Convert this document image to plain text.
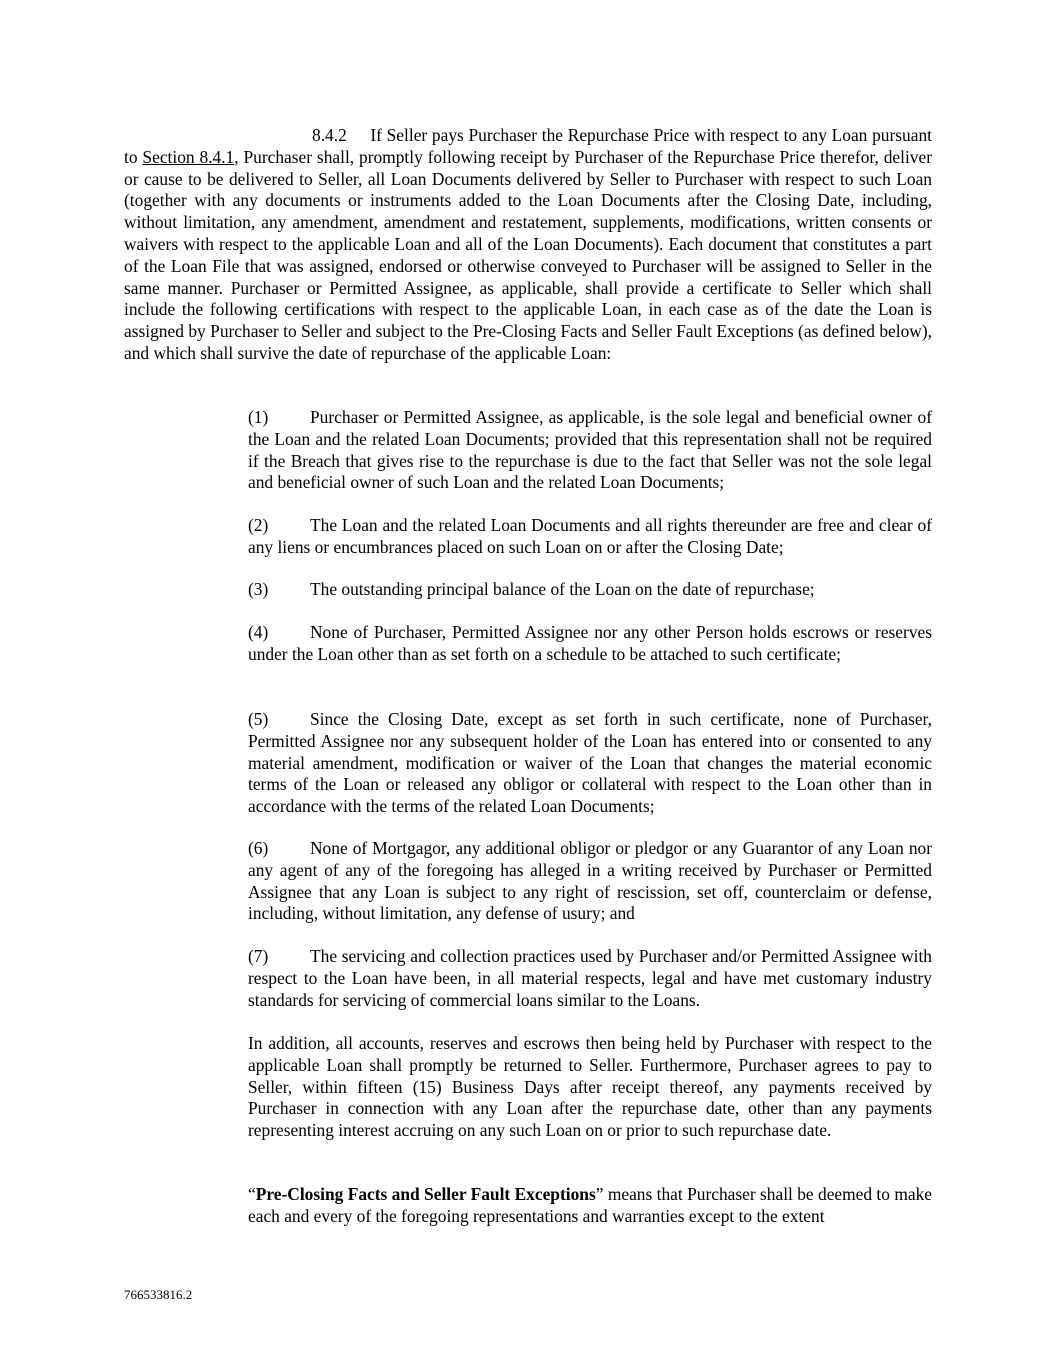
8.4.2 If Seller pays Purchaser the Repurchase Price with respect to any Loan pursuant to Section 8.4.1, Purchaser shall, promptly following receipt by Purchaser of the Repurchase Price therefor, deliver or cause to be delivered to Seller, all Loan Documents delivered by Seller to Purchaser with respect to such Loan (together with any documents or instruments added to the Loan Documents after the Closing Date, including, without limitation, any amendment, amendment and restatement, supplements, modifications, written consents or waivers with respect to the applicable Loan and all of the Loan Documents). Each document that constitutes a part of the Loan File that was assigned, endorsed or otherwise conveyed to Purchaser will be assigned to Seller in the same manner. Purchaser or Permitted Assignee, as applicable, shall provide a certificate to Seller which shall include the following certifications with respect to the applicable Loan, in each case as of the date the Loan is assigned by Purchaser to Seller and subject to the Pre-Closing Facts and Seller Fault Exceptions (as defined below), and which shall survive the date of repurchase of the applicable Loan:

(1) Purchaser or Permitted Assignee, as applicable, is the sole legal and beneficial owner of the Loan and the related Loan Documents; provided that this representation shall not be required if the Breach that gives rise to the repurchase is due to the fact that Seller was not the sole legal and beneficial owner of such Loan and the related Loan Documents;

(2) The Loan and the related Loan Documents and all rights thereunder are free and clear of any liens or encumbrances placed on such Loan on or after the Closing Date;

(3) The outstanding principal balance of the Loan on the date of repurchase;

(4) None of Purchaser, Permitted Assignee nor any other Person holds escrows or reserves under the Loan other than as set forth on a schedule to be attached to such certificate;

(5) Since the Closing Date, except as set forth in such certificate, none of Purchaser, Permitted Assignee nor any subsequent holder of the Loan has entered into or consented to any material amendment, modification or waiver of the Loan that changes the material economic terms of the Loan or released any obligor or collateral with respect to the Loan other than in accordance with the terms of the related Loan Documents;

(6) None of Mortgagor, any additional obligor or pledgor or any Guarantor of any Loan nor any agent of any of the foregoing has alleged in a writing received by Purchaser or Permitted Assignee that any Loan is subject to any right of rescission, set off, counterclaim or defense, including, without limitation, any defense of usury; and

(7) The servicing and collection practices used by Purchaser and/or Permitted Assignee with respect to the Loan have been, in all material respects, legal and have met customary industry standards for servicing of commercial loans similar to the Loans.

In addition, all accounts, reserves and escrows then being held by Purchaser with respect to the applicable Loan shall promptly be returned to Seller. Furthermore, Purchaser agrees to pay to Seller, within fifteen (15) Business Days after receipt thereof, any payments received by Purchaser in connection with any Loan after the repurchase date, other than any payments representing interest accruing on any such Loan on or prior to such repurchase date.

“Pre-Closing Facts and Seller Fault Exceptions” means that Purchaser shall be deemed to make each and every of the foregoing representations and warranties except to the extent

766533816.2
